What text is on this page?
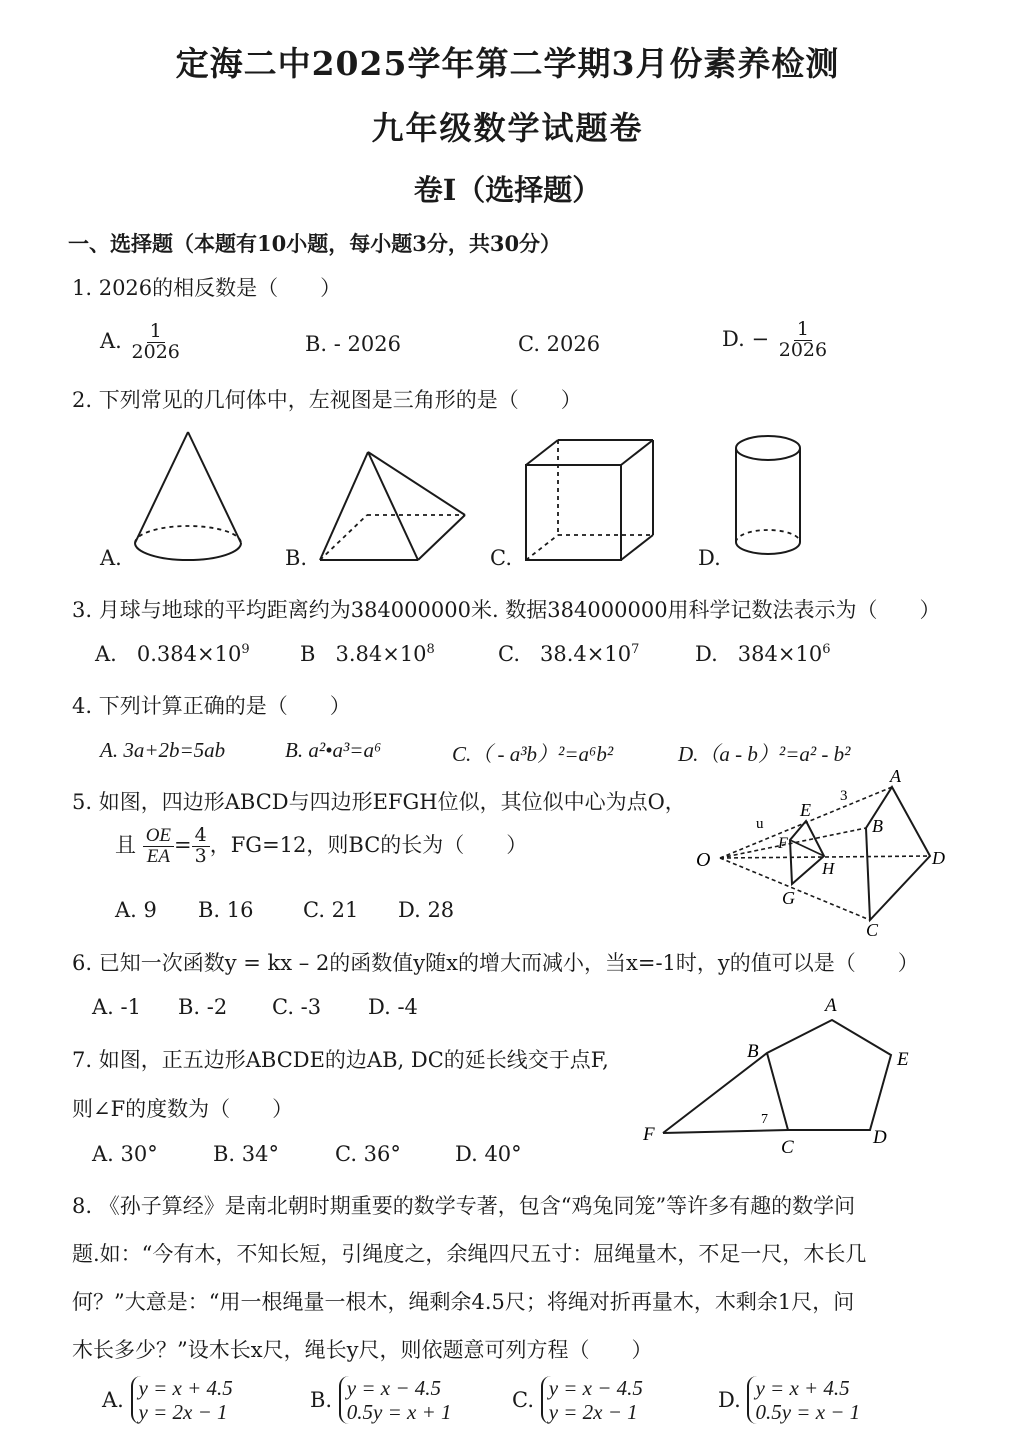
定海二中2025学年第二学期3月份素养检测
九年级数学试题卷
卷Ⅰ（选择题）
一、选择题（本题有10小题，每小题3分，共30分）
1. 2026的相反数是（　　）
A. $\frac{1}{2026}$	B. - 2026	C. 2026	D. − $\frac{1}{2026}$
2. 下列常见的几何体中，左视图是三角形的是（　　）
A.	B.	C.	D.
3. 月球与地球的平均距离约为384000000米. 数据384000000用科学记数法表示为（　　）
A. $0.384\times 10^9$ B $3.84\times 10^8$	C. $38.4\times 10^7$	D. $384\times 10^6$
4. 下列计算正确的是（　　）
A. 3a+2b=5ab	B. a²•a³=a⁶	C.（ - a³b）²=a⁶b²	D.（a - b）²=a² - b²
5. 如图，四边形ABCD与四边形EFGH位似，其位似中心为点O，
且 $\frac{OE}{EA} = \frac{4}{3}$ ，FG=12，则BC的长为（　　）
A. 9 B. 16 C. 21 D. 28
O
A
B
C
D
E
F
G
H
u
3
6. 已知一次函数y = kx – 2的函数值y随x的增大而减小，当x=-1时，y的值可以是（　　）
A. -1 B. -2 C. -3 D. -4
7. 如图，正五边形ABCDE的边AB, DC的延长线交于点F,
则∠F的度数为（　　）
A. 30°	B. 34°	C. 36°	D. 40°
A
B
C	D
E
F
7
8. 《孙子算经》是南北朝时期重要的数学专著，包含“鸡兔同笼”等许多有趣的数学问
题.如：“今有木，不知长短，引绳度之，余绳四尺五寸：屈绳量木，不足一尺，木长几
何？”大意是：“用一根绳量一根木，绳剩余4.5尺；将绳对折再量木，木剩余1尺，问
木长多少？”设木长x尺，绳长y尺，则依题意可列方程（　　）
A. y = x + 4.5
y = 2x − 1	B. y = x − 4.5
0.5y = x + 1	C. y = x − 4.5
y = 2x − 1	D. y = x + 4.5
0.5y = x − 1
